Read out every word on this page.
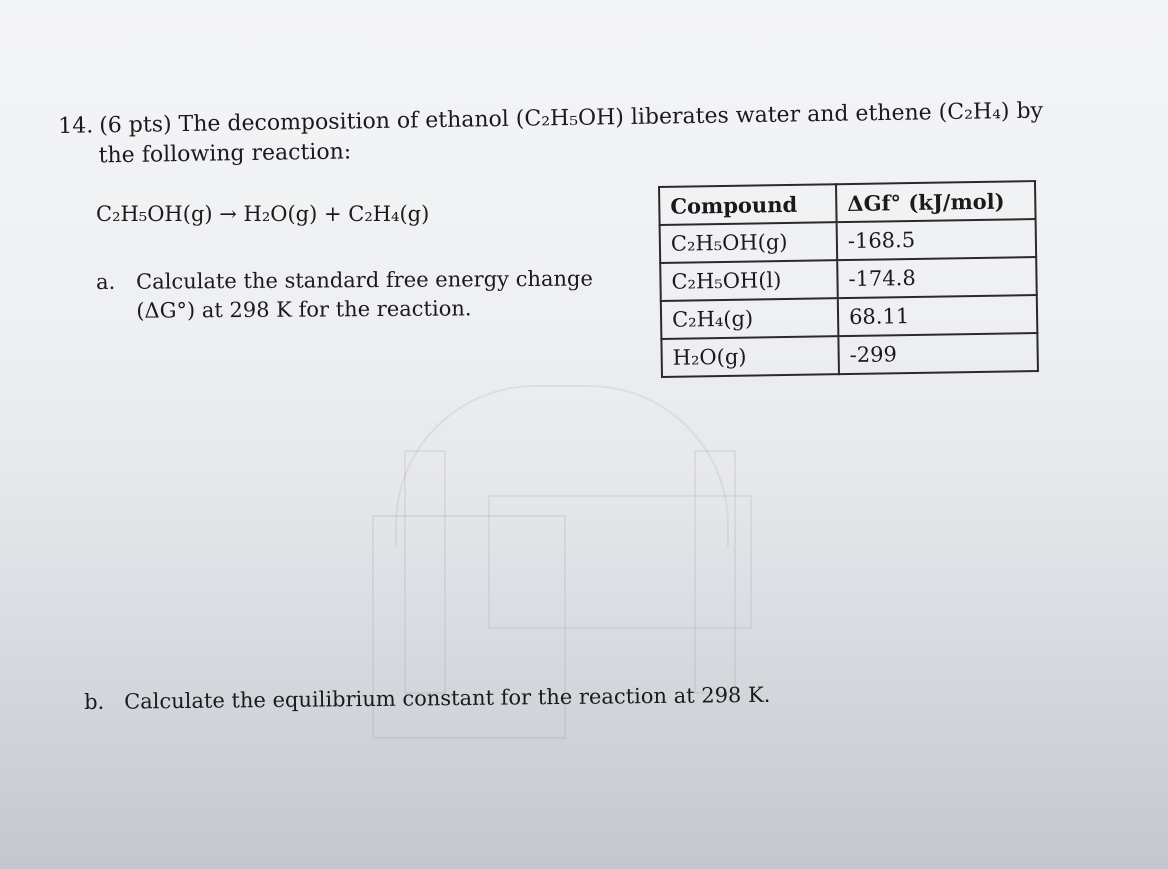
14. (6 pts) The decomposition of ethanol (C₂H₅OH) liberates water and ethene (C₂H₄) by
the following reaction:
C₂H₅OH(g) → H₂O(g) + C₂H₄(g)
a. Calculate the standard free energy change
(ΔG°) at 298 K for the reaction.
Compound	ΔGf° (kJ/mol)
C₂H₅OH(g)	-168.5
C₂H₅OH(l)	-174.8
C₂H₄(g)	68.11
H₂O(g)	-299
b. Calculate the equilibrium constant for the reaction at 298 K.
